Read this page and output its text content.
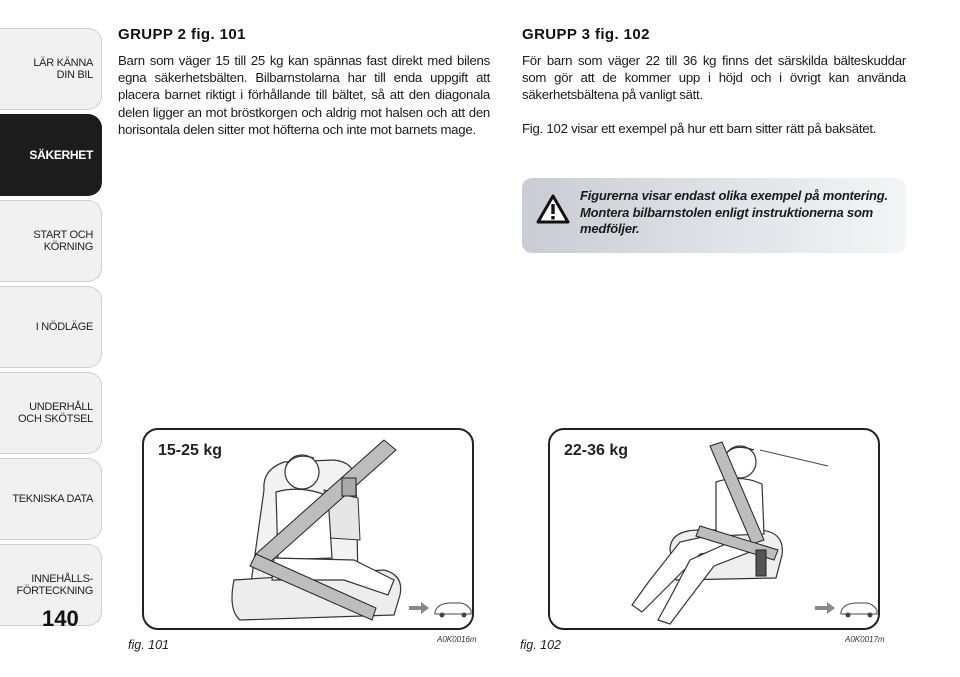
LÄR KÄNNA
DIN BIL
SÄKERHET
START OCH
KÖRNING
I NÖDLÄGE
UNDERHÅLL
OCH SKÖTSEL
TEKNISKA DATA
INNEHÅLLS-
FÖRTECKNING
140
GRUPP 2 fig. 101
Barn som väger 15 till 25 kg kan spännas fast direkt med bilens egna säkerhetsbälten. Bilbarnstolarna har till enda uppgift att placera barnet riktigt i förhållande till bältet, så att den diagonala delen ligger an mot bröstkorgen och aldrig mot halsen och att den horisontala delen sitter mot höfterna och inte mot barnets mage.
GRUPP 3 fig. 102
För barn som väger 22 till 36 kg finns det särskilda bälteskuddar som gör att de kommer upp i höjd och i övrigt kan använda säkerhetsbältena på vanligt sätt.
Fig. 102 visar ett exempel på hur ett barn sitter rätt på baksätet.
Figurerna visar endast olika exempel på montering. Montera bilbarnstolen enligt instruktionerna som medföljer.
15-25 kg
fig. 101	A0K0016m
22-36 kg
fig. 102	A0K0017m
